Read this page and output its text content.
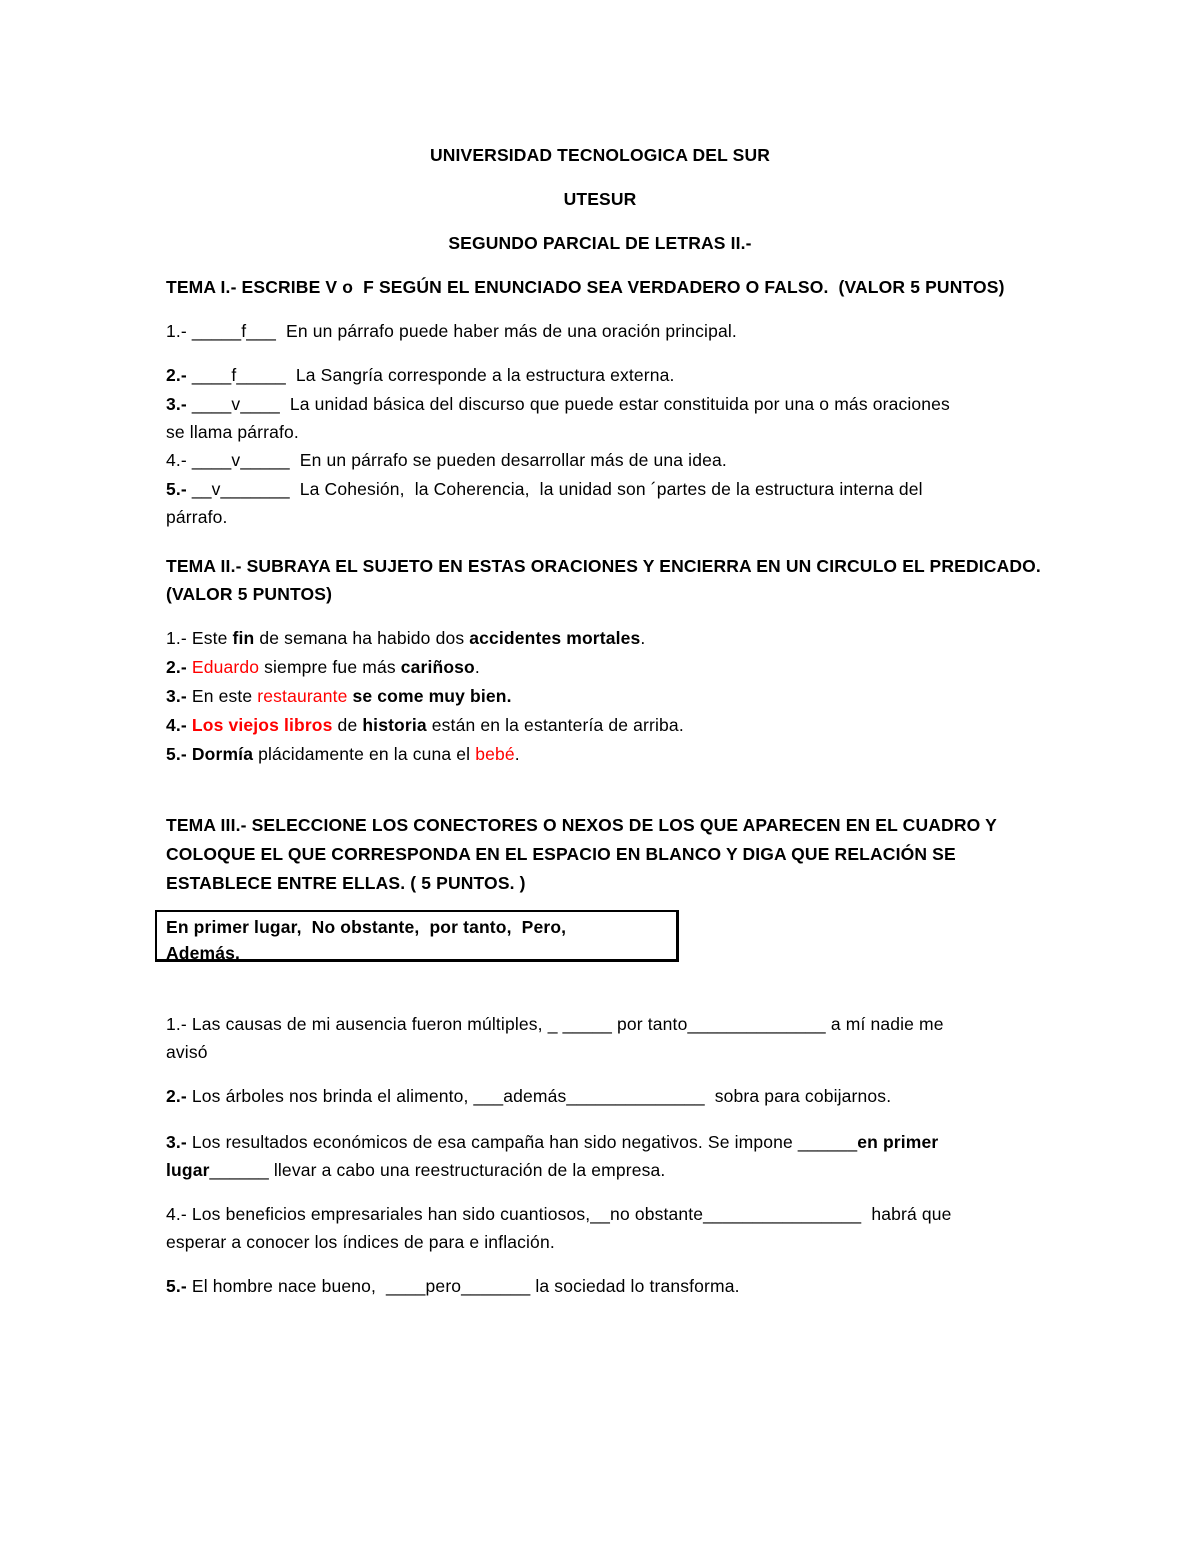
UNIVERSIDAD TECNOLOGICA DEL SUR

UTESUR

SEGUNDO PARCIAL DE LETRAS II.-

TEMA I.- ESCRIBE V o  F SEGÚN EL ENUNCIADO SEA VERDADERO O FALSO.  (VALOR 5 PUNTOS)

1.- _____f___  En un párrafo puede haber más de una oración principal.

2.- ____f_____  La Sangría corresponde a la estructura externa.

3.- ____v____  La unidad básica del discurso que puede estar constituida por una o más oraciones

se llama párrafo.

4.- ____v_____  En un párrafo se pueden desarrollar más de una idea.

5.- __v_______  La Cohesión,  la Coherencia,  la unidad son ´partes de la estructura interna del

párrafo.

TEMA II.- SUBRAYA EL SUJETO EN ESTAS ORACIONES Y ENCIERRA EN UN CIRCULO EL PREDICADO.

(VALOR 5 PUNTOS)

1.- Este fin de semana ha habido dos accidentes mortales.

2.- Eduardo siempre fue más cariñoso.

3.- En este restaurante se come muy bien.

4.- Los viejos libros de historia están en la estantería de arriba.

5.- Dormía plácidamente en la cuna el bebé.

TEMA III.- SELECCIONE LOS CONECTORES O NEXOS DE LOS QUE APARECEN EN EL CUADRO Y

COLOQUE EL QUE CORRESPONDA EN EL ESPACIO EN BLANCO Y DIGA QUE RELACIÓN SE

ESTABLECE ENTRE ELLAS. ( 5 PUNTOS. )

En primer lugar,  No obstante,  por tanto,  Pero,

Además.

1.- Las causas de mi ausencia fueron múltiples, _ _____ por tanto______________ a mí nadie me

avisó

2.- Los árboles nos brinda el alimento, ___además______________  sobra para cobijarnos.

3.- Los resultados económicos de esa campaña han sido negativos. Se impone ______en primer

lugar______ llevar a cabo una reestructuración de la empresa.

4.- Los beneficios empresariales han sido cuantiosos,__no obstante________________  habrá que

esperar a conocer los índices de para e inflación.

5.- El hombre nace bueno,  ____pero_______ la sociedad lo transforma.
